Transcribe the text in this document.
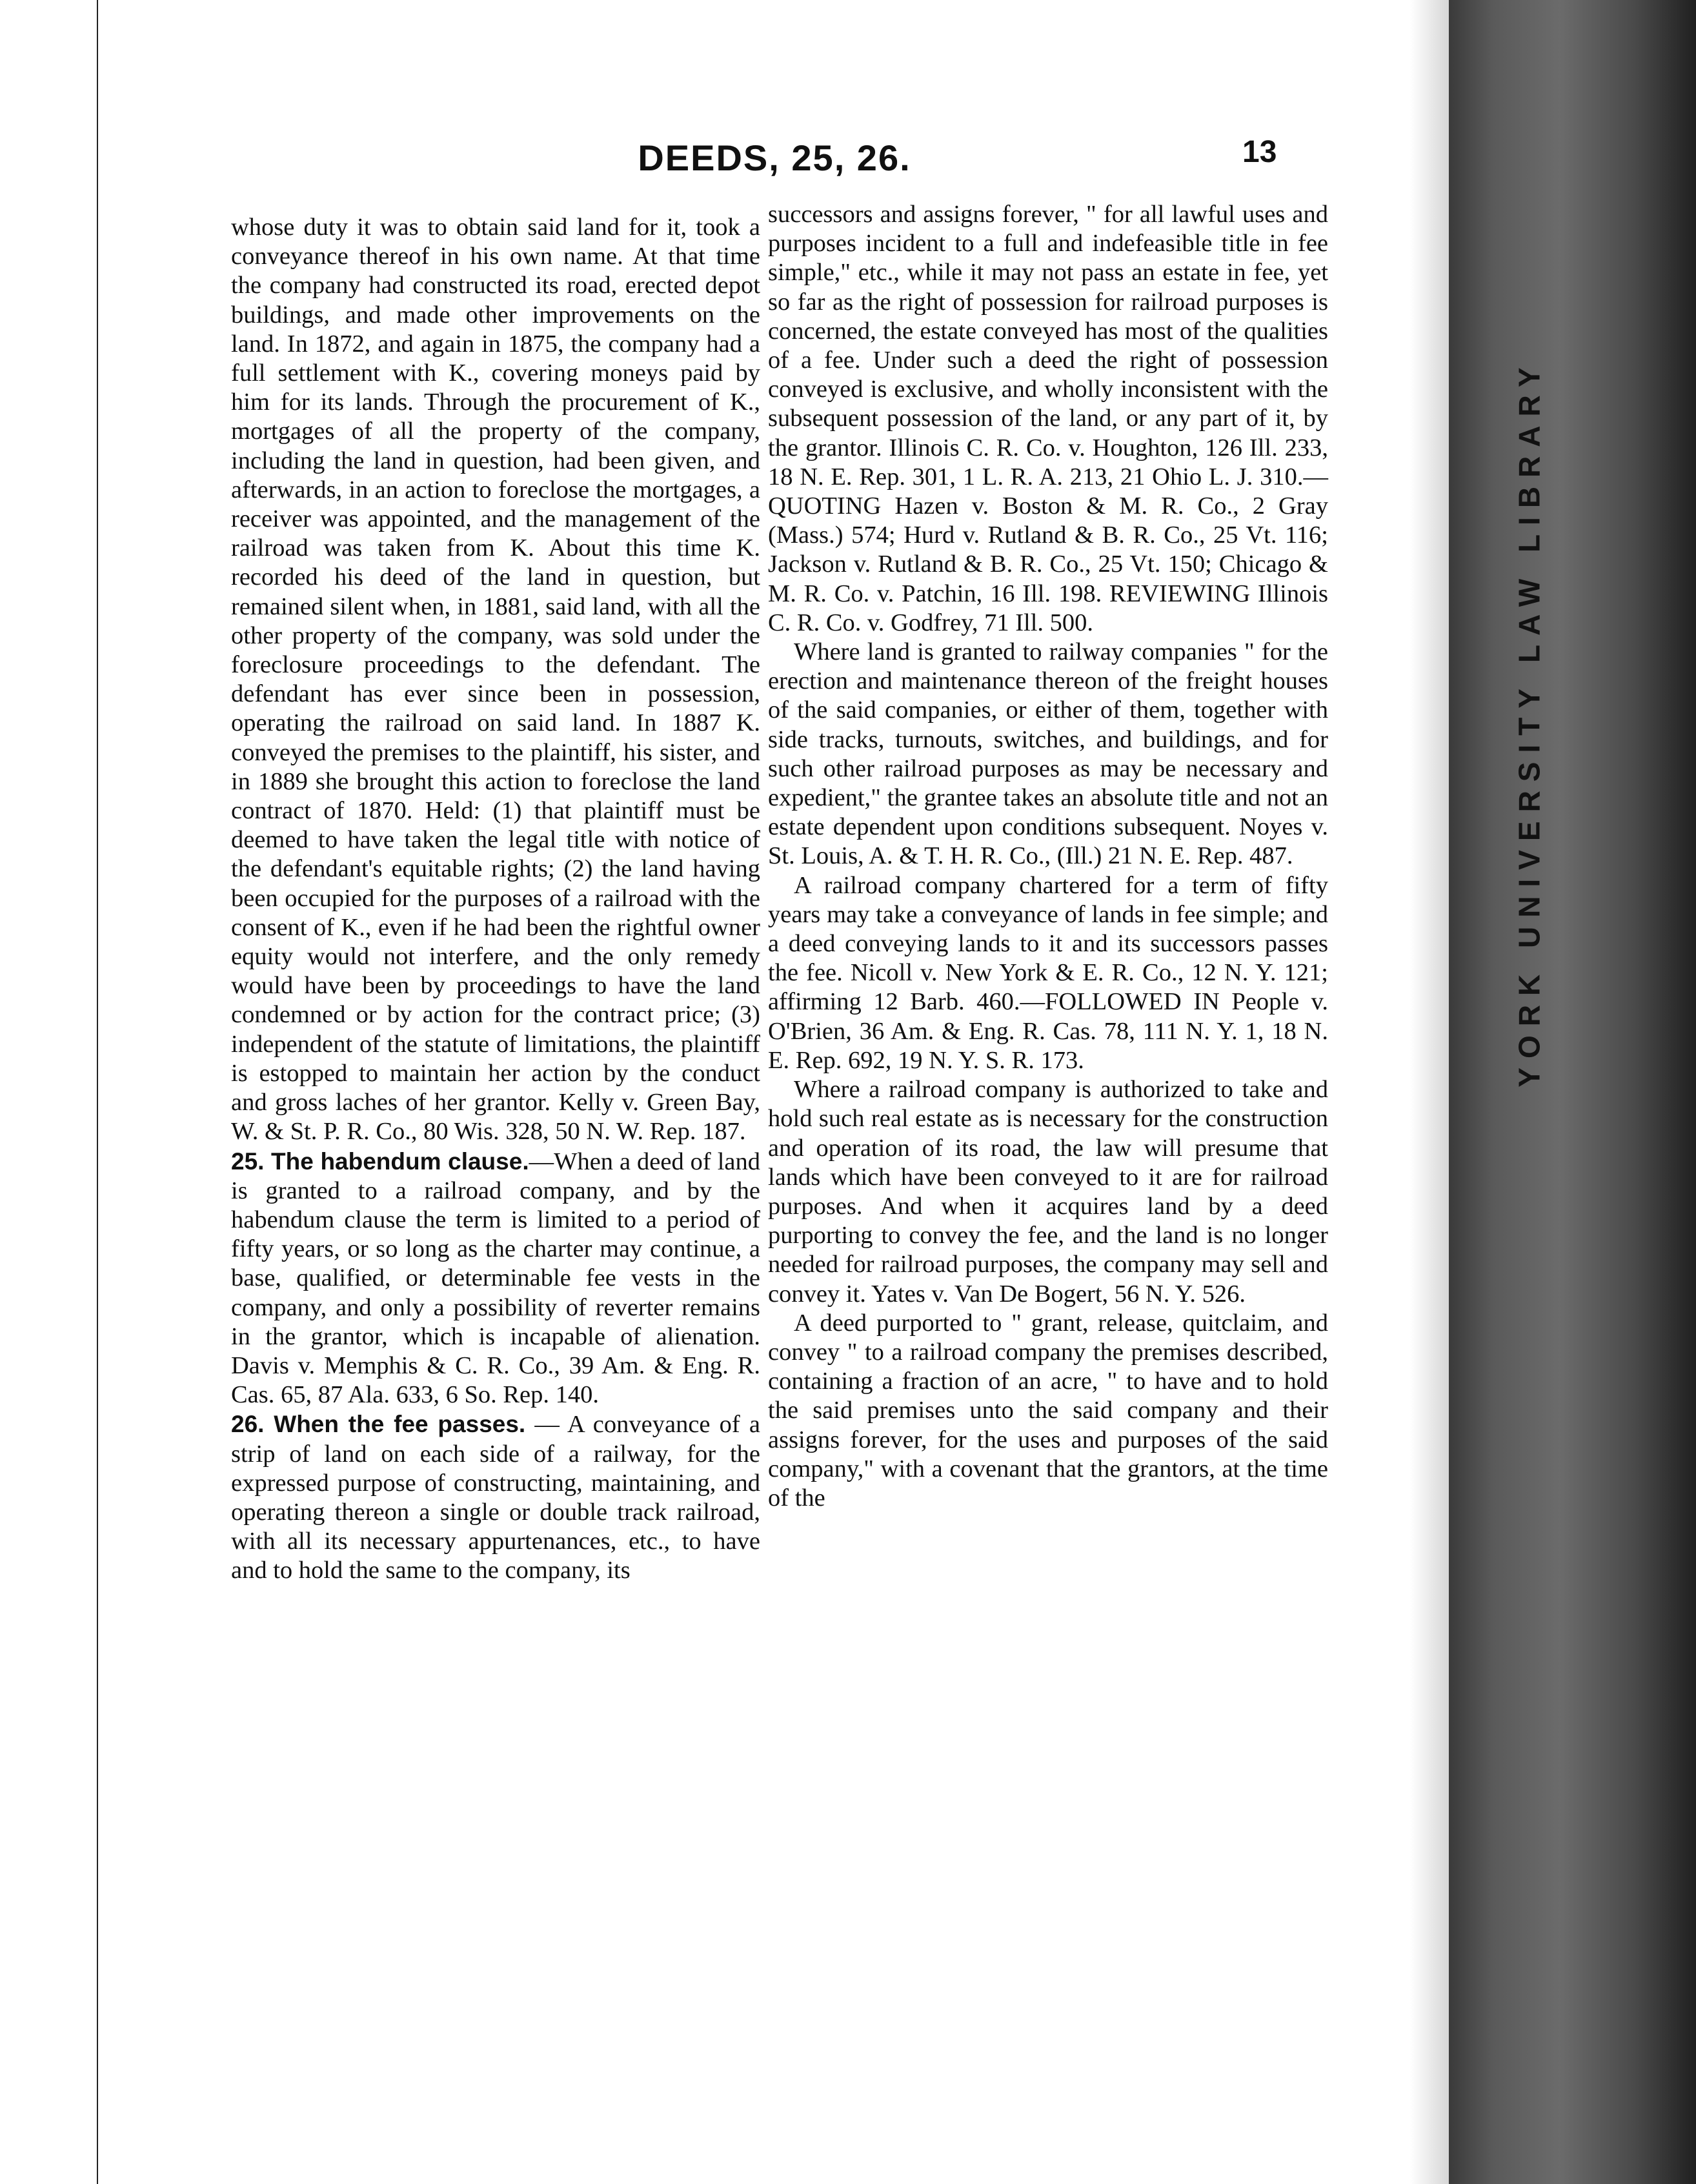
YORK UNIVERSITY LAW LIBRARY
DEEDS, 25, 26.	13

whose duty it was to obtain said land for it, took a conveyance thereof in his own name. At that time the company had constructed its road, erected depot buildings, and made other improvements on the land. In 1872, and again in 1875, the company had a full settlement with K., covering moneys paid by him for its lands. Through the procurement of K., mortgages of all the property of the company, including the land in question, had been given, and afterwards, in an action to foreclose the mortgages, a receiver was appointed, and the management of the railroad was taken from K. About this time K. recorded his deed of the land in question, but remained silent when, in 1881, said land, with all the other property of the company, was sold under the foreclosure proceedings to the defendant. The defendant has ever since been in possession, operating the railroad on said land. In 1887 K. conveyed the premises to the plaintiff, his sister, and in 1889 she brought this action to foreclose the land contract of 1870. Held: (1) that plaintiff must be deemed to have taken the legal title with notice of the defendant's equitable rights; (2) the land having been occupied for the purposes of a railroad with the consent of K., even if he had been the rightful owner equity would not interfere, and the only remedy would have been by proceedings to have the land condemned or by action for the contract price; (3) independent of the statute of limitations, the plaintiff is estopped to maintain her action by the conduct and gross laches of her grantor. Kelly v. Green Bay, W. & St. P. R. Co., 80 Wis. 328, 50 N. W. Rep. 187.

25. The habendum clause.—When a deed of land is granted to a railroad company, and by the habendum clause the term is limited to a period of fifty years, or so long as the charter may continue, a base, qualified, or determinable fee vests in the company, and only a possibility of reverter remains in the grantor, which is incapable of alienation. Davis v. Memphis & C. R. Co., 39 Am. & Eng. R. Cas. 65, 87 Ala. 633, 6 So. Rep. 140.

26. When the fee passes. — A conveyance of a strip of land on each side of a railway, for the expressed purpose of constructing, maintaining, and operating thereon a single or double track railroad, with all its necessary appurtenances, etc., to have and to hold the same to the company, its

successors and assigns forever, " for all lawful uses and purposes incident to a full and indefeasible title in fee simple," etc., while it may not pass an estate in fee, yet so far as the right of possession for railroad purposes is concerned, the estate conveyed has most of the qualities of a fee. Under such a deed the right of possession conveyed is exclusive, and wholly inconsistent with the subsequent possession of the land, or any part of it, by the grantor. Illinois C. R. Co. v. Houghton, 126 Ill. 233, 18 N. E. Rep. 301, 1 L. R. A. 213, 21 Ohio L. J. 310.—QUOTING Hazen v. Boston & M. R. Co., 2 Gray (Mass.) 574; Hurd v. Rutland & B. R. Co., 25 Vt. 116; Jackson v. Rutland & B. R. Co., 25 Vt. 150; Chicago & M. R. Co. v. Patchin, 16 Ill. 198. REVIEWING Illinois C. R. Co. v. Godfrey, 71 Ill. 500.

Where land is granted to railway companies " for the erection and maintenance thereon of the freight houses of the said companies, or either of them, together with side tracks, turnouts, switches, and buildings, and for such other railroad purposes as may be necessary and expedient," the grantee takes an absolute title and not an estate dependent upon conditions subsequent. Noyes v. St. Louis, A. & T. H. R. Co., (Ill.) 21 N. E. Rep. 487.

A railroad company chartered for a term of fifty years may take a conveyance of lands in fee simple; and a deed conveying lands to it and its successors passes the fee. Nicoll v. New York & E. R. Co., 12 N. Y. 121; affirming 12 Barb. 460.—FOLLOWED IN People v. O'Brien, 36 Am. & Eng. R. Cas. 78, 111 N. Y. 1, 18 N. E. Rep. 692, 19 N. Y. S. R. 173.

Where a railroad company is authorized to take and hold such real estate as is necessary for the construction and operation of its road, the law will presume that lands which have been conveyed to it are for railroad purposes. And when it acquires land by a deed purporting to convey the fee, and the land is no longer needed for railroad purposes, the company may sell and convey it. Yates v. Van De Bogert, 56 N. Y. 526.

A deed purported to " grant, release, quitclaim, and convey " to a railroad company the premises described, containing a fraction of an acre, " to have and to hold the said premises unto the said company and their assigns forever, for the uses and purposes of the said company," with a covenant that the grantors, at the time of the
